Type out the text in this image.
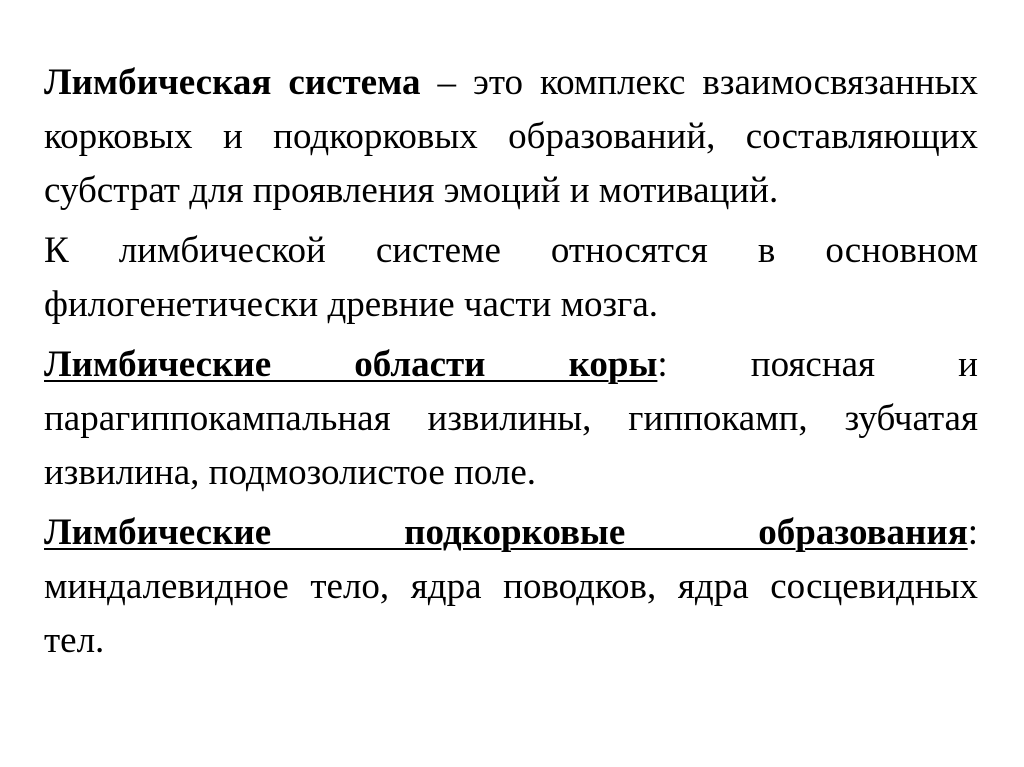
Лимбическая система – это комплекс взаимосвязанных корковых и подкорковых образований, составляющих субстрат для проявления эмоций и мотиваций.

К лимбической системе относятся в основном филогенетически древние части мозга.

Лимбические области коры: поясная и парагиппокампальная извилины, гиппокамп, зубчатая извилина, подмозолистое поле.

Лимбические подкорковые образования: миндалевидное тело, ядра поводков, ядра сосцевидных тел.
